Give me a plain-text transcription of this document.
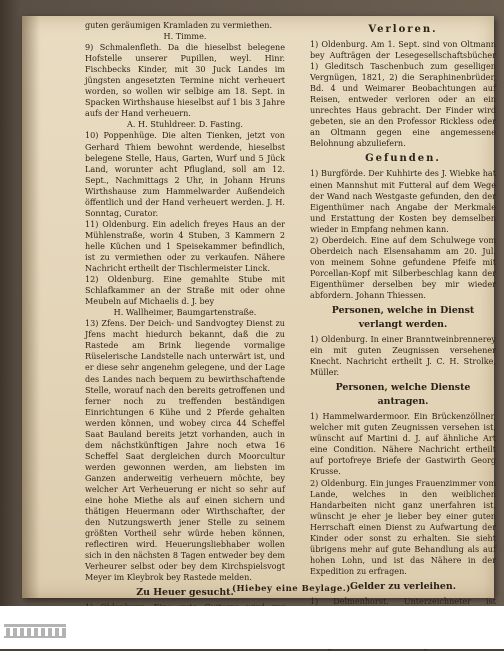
guten geräumigen Kramladen zu vermiethen.

H. Timme.

9) Schmalenfleth. Da die hieselbst belegene Hofstelle unserer Pupillen, weyl. Hinr. Fischbecks Kinder, mit 30 Juck Landes im jüngsten angesetzten Termine nicht verheuert worden, so wollen wir selbige am 18. Sept. in Spacken Wirthshause hieselbst auf 1 bis 3 Jahre aufs der Hand verheuern.

A. H. Stuhldreer. D. Fasting.

10) Poppenhüge. Die alten Tienken, jetzt von Gerhard Thiem bewohnt werdende, hieselbst belegene Stelle, Haus, Garten, Wurf und 5 Jück Land, worunter acht Pflugland, soll am 12. Sept., Nachmittags 2 Uhr, in Johann Hruns Wirthshause zum Hammelwarder Außendeich öffentlich und der Hand verheuert werden. J. H. Sonntag, Curator.

11) Oldenburg. Ein adelich freyes Haus an der Mühlenstraße, worin 4 Stuben, 3 Kammern 2 helle Küchen und 1 Speisekammer befindlich, ist zu vermiethen oder zu verkaufen. Nähere Nachricht ertheilt der Tischlermeister Linck.

12) Oldenburg. Eine gemahlte Stube mit Schlafkammer an der Straße mit oder ohne Meubeln auf Michaelis d. J. bey

H. Wallheimer, Baumgartenstraße.

13) Zfens. Der Deich- und Sandvogtey Dienst zu Jfens macht hiedurch bekannt, daß die zu Rastede am Brink liegende vormalige Rüselerische Landstelle nach unterwärt ist, und er diese sehr angenehm gelegene, und der Lage des Landes nach bequem zu bewirthschaftende Stelle, worauf nach den bereits getroffenen und ferner noch zu treffenden beständigen Einrichtungen 6 Kühe und 2 Pferde gehalten werden können, und wobey circa 44 Scheffel Saat Bauland bereits jetzt vorhanden, auch in dem nächstkünftigen Jahre noch etwa 16 Scheffel Saat dergleichen durch Moorcultur werden gewonnen werden, am liebsten im Ganzen anderweitig verheuern möchte, bey welcher Art Verheuerung er nicht so sehr auf eine hohe Miethe als auf einen sichern und thätigen Heuermann oder Wirthschafter, der den Nutzungswerth jener Stelle zu seinem größten Vortheil sehr würde heben können, reflectiren wird. Heuerungsliebhaber wollen sich in den nächsten 8 Tagen entweder bey dem Verheurer selbst oder bey dem Kirchspielsvogt Meyer im Kleybrok bey Rastede melden.

Zu Heuer gesucht.

Verloren.

1) Oldenburg. Am 1. Sept. sind von Oltmann bey Aufträgen der Lesegesellschaftsbücher 1) Gleditsch Taschenbuch zum geselligen Vergnügen, 1821, 2) die Seraphinenbrüder, Bd. 4 und Weimarer Beobachtungen auf Reisen, entweder verloren oder an ein unrechtes Haus gebracht. Der Finder wird gebeten, sie an den Professor Rickless oder an Oltmann gegen eine angemessene Belohnung abzuliefern.

Gefunden.

1) Burgförde. Der Kuhhirte des J. Wiebke hat einen Mannshut mit Futteral auf dem Wege der Wand nach Westgaste gefunden, den der Eigenthümer nach Angabe der Merkmale und Erstattung der Kosten bey demselben wieder in Empfang nehmen kann.

2) Oberdeich. Eine auf dem Schulwege vom Oberdeich nach Elsensahamm am 20. Jul. von meinem Sohne gefundene Pfeife mit Porcellan-Kopf mit Silberbeschlag kann der Eigenthümer derselben bey mir wieder abfordern. Johann Thiessen.

Personen, welche in Dienst verlangt werden.

1) Oldenburg. In einer Branntweinbrennerey ein mit guten Zeugnissen versehener Knecht. Nachricht ertheilt J. C. H. Strolke, Müller.

Personen, welche Dienste antragen.

1) Hammelwardermoor. Ein Brückenzöllner, welcher mit guten Zeugnissen versehen ist, wünscht auf Martini d. J. auf ähnliche Art eine Condition. Nähere Nachricht ertheilt auf portofreye Briefe der Gastwirth Georg Krusse.

2) Oldenburg. Ein junges Frauenzimmer vom Lande, welches in den weiblichen Handarbeiten nicht ganz unerfahren ist, wünscht je eher je lieber bey einer guten Herrschaft einen Dienst zu Aufwartung der Kinder oder sonst zu erhalten. Sie sieht übrigens mehr auf gute Behandlung als auf hohen Lohn, und ist das Nähere in der Expedition zu erfragen.

Gelder zu verleihen.

1) Delmenhorst. Unterzeichneter ist

(Hiebey eine Beylage.)
